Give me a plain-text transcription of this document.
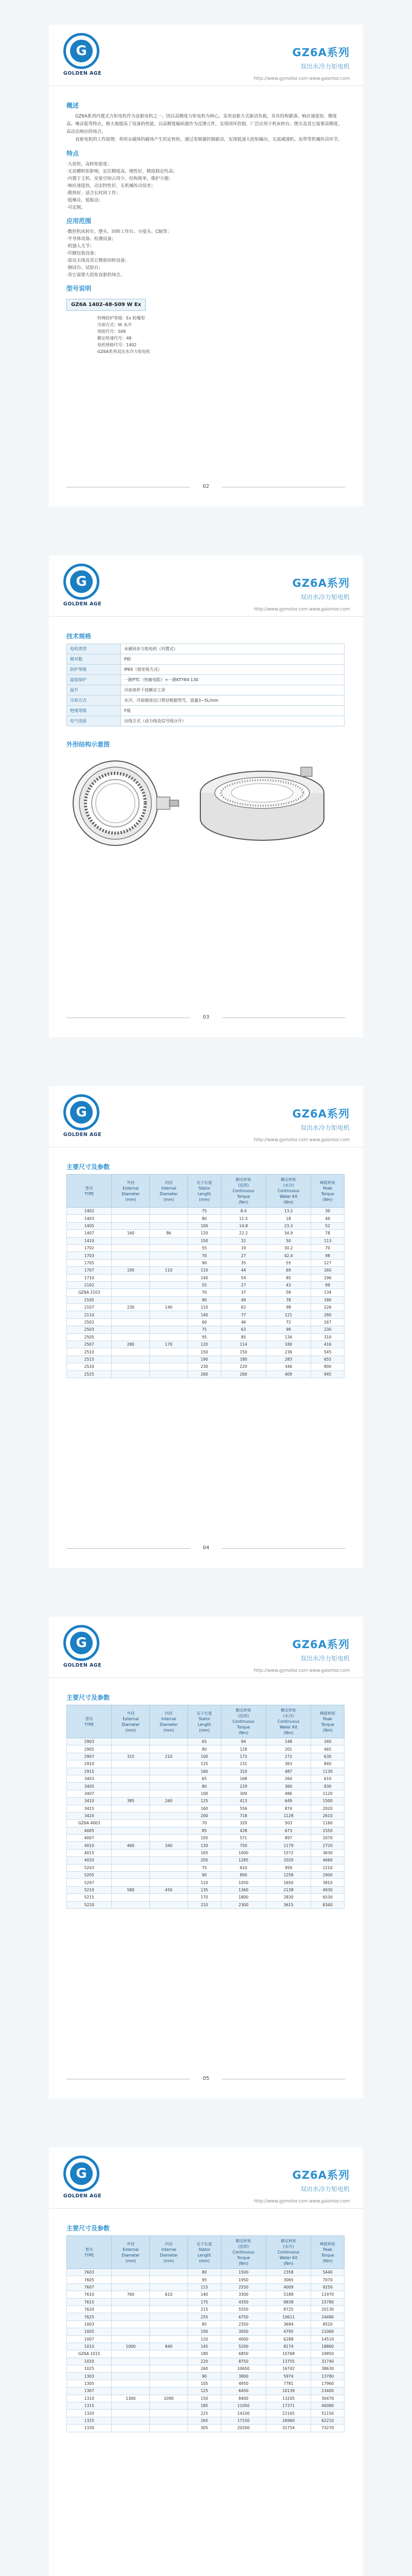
G
GOLDEN AGE
GZ6A系列
双出水冷力矩电机
http://www.gymotor.com www.gaiontor.com
概述

GZ6A系列内置式力矩电机作为直驱电机之一，因以高精度力矩电机为核心，采用直驱方式驱动负载，具有结构紧凑、响应速度快、精度高、噪音低等特点，极大地提高了设备的性能。以高精度编码器作为反馈元件，实现闭环控制，广泛应用于机床转台、摆头及其它需要高精度、高动态响应的场合。

直驱电机的工作原理：利用永磁体的磁场产生恒定转矩，通过变频器控制驱动，实现低速大扭矩输出，无需减速机、皮带等机械传动环节。

特点

·大扭矩，高转矩密度；

·无齿槽转矩影响，定位精度高，刚性好，精度稳定性高；

·内置于主机，安装空间占用少，结构简单，维护方便；

·响应速度快，动态特性好，无机械传动误差；

·散热好，适合长时间工作；

·低噪音，低振动；

·可定制。

应用范围

·数控机床转台、摆头、回转工作台、分度头、C轴等；

·半导体设备、检测设备；

·机器人关节；

·印刷包装设备；

·雷达天线及其它精密回转设备；

·测试台、试验台；

·其它需要大扭矩直驱的场合。

型号说明
GZ6A 1402-48-S09 W Ex
特殊防护等级：Ex 防爆型
冷却方式：W 水冷
绕组代号：S09
额定转速代号：48
电机规格代号：1402
GZ6A系列双出水冷力矩电机
02
G
GOLDEN AGE
GZ6A系列
双出水冷力矩电机
http://www.gymotor.com www.gaiontor.com
技术规格
电机类型	永磁同步力矩电机（内置式）
极对数	P相
防护等级	IP65（按安装方式）
温度保护	一路PTC（热敏电阻）+一路KTY84-130
温升	冷却条件下按额定工况
冷却方式	水冷，冷却液进出口管径根据型号，流量3~5L/min
绝缘等级	F级
电气连接	出线方式（动力线及信号线分开）
外形结构示意图
03
G
GOLDEN AGE
GZ6A系列
双出水冷力矩电机
http://www.gymotor.com www.gaiontor.com
主要尺寸及参数
型号
TYPE	外径
External
Diameter
(mm)	内径
Internal
Diameter
(mm)	定子长度
Stator
Length
(mm)	额定转矩
(连续)
Continuous
Torque
(Nm)	额定转矩
(水冷)
Continuous
Water Kit
(Nm)	峰值转矩
Peak
Torque
(Nm)
1402			75	8.4	13.2	30
1403			80	11.5	18	40
1405			100	14.8	23.3	52
1407	160	86	120	22.2	34.9	78
1410			150	32	50	113
1702			55	19	30.2	70
1703			70	27	42.4	98
1705			90	35	55	127
1707	195	110	110	44	69	160
1710			140	54	85	196
2102			55	27	43	99
GZ6A 2103			70	37	58	134
2105			90	49	78	180
2107	230	140	110	62	98	226
2110			140	77	121	280
2502			60	46	72	167
2503			75	63	99	230
2505			95	85	134	310
2507	280	170	120	114	180	416
2510			150	150	236	545
2515			190	180	283	655
2520			230	220	346	800
2525			260	260	409	945
04
G
GOLDEN AGE
GZ6A系列
双出水冷力矩电机
http://www.gymotor.com www.gaiontor.com
主要尺寸及参数
型号
TYPE	外径
External
Diameter
(mm)	内径
Internal
Diameter
(mm)	定子长度
Stator
Length
(mm)	额定转矩
(连续)
Continuous
Torque
(Nm)	额定转矩
(水冷)
Continuous
Water Kit
(Nm)	峰值转矩
Peak
Torque
(Nm)
2903			65	94	148	340
2905			80	128	201	465
2907	315	210	100	173	272	630
2910			125	231	363	840
2915			160	310	487	1130
3403			65	168	264	610
3405			80	229	360	830
3407			100	309	486	1120
3410	385	260	125	413	649	1500
3415			160	556	874	2020
3420			200	718	1128	2610
GZ6A 4003			70	320	503	1160
4005			85	428	673	1550
4007			105	571	897	2070
4010	460	340	130	750	1179	2720
4015			165	1000	1572	3630
4020			205	1285	2020	4660
5203			75	610	959	2210
5205			90	800	1258	2900
5207			110	1050	1650	3810
5210	580	450	135	1360	2138	4930
5215			170	1800	2830	6530
5220			210	2300	3615	8340
05
G
GOLDEN AGE
GZ6A系列
双出水冷力矩电机
http://www.gymotor.com www.gaiontor.com
主要尺寸及参数
型号
TYPE	外径
External
Diameter
(mm)	内径
Internal
Diameter
(mm)	定子长度
Stator
Length
(mm)	额定转矩
(连续)
Continuous
Torque
(Nm)	额定转矩
(水冷)
Continuous
Water Kit
(Nm)	峰值转矩
Peak
Torque
(Nm)
7603			80	1500	2358	5440
7605			95	1950	3065	7070
7607			115	2550	4009	9250
7610	760	610	140	3300	5188	11970
7615			175	4350	6838	15780
7620			215	5550	8725	20130
7625			255	6750	10611	24480
1003			85	2350	3694	8520
1005			100	3050	4795	11060
1007			120	4000	6288	14510
1010	1000	840	145	5200	8174	18860
GZ6A 1015			180	6850	10768	24850
1020			220	8750	13755	31740
1025			260	10650	16742	38630
1303			90	3800	5974	13780
1305			105	4950	7781	17960
1307			125	6450	10139	23400
1310	1300	1090	150	8400	13205	30470
1315			185	11050	17371	40080
1320			225	14100	22165	51150
1325			265	17150	26960	62210
1330			305	20200	31754	73270
